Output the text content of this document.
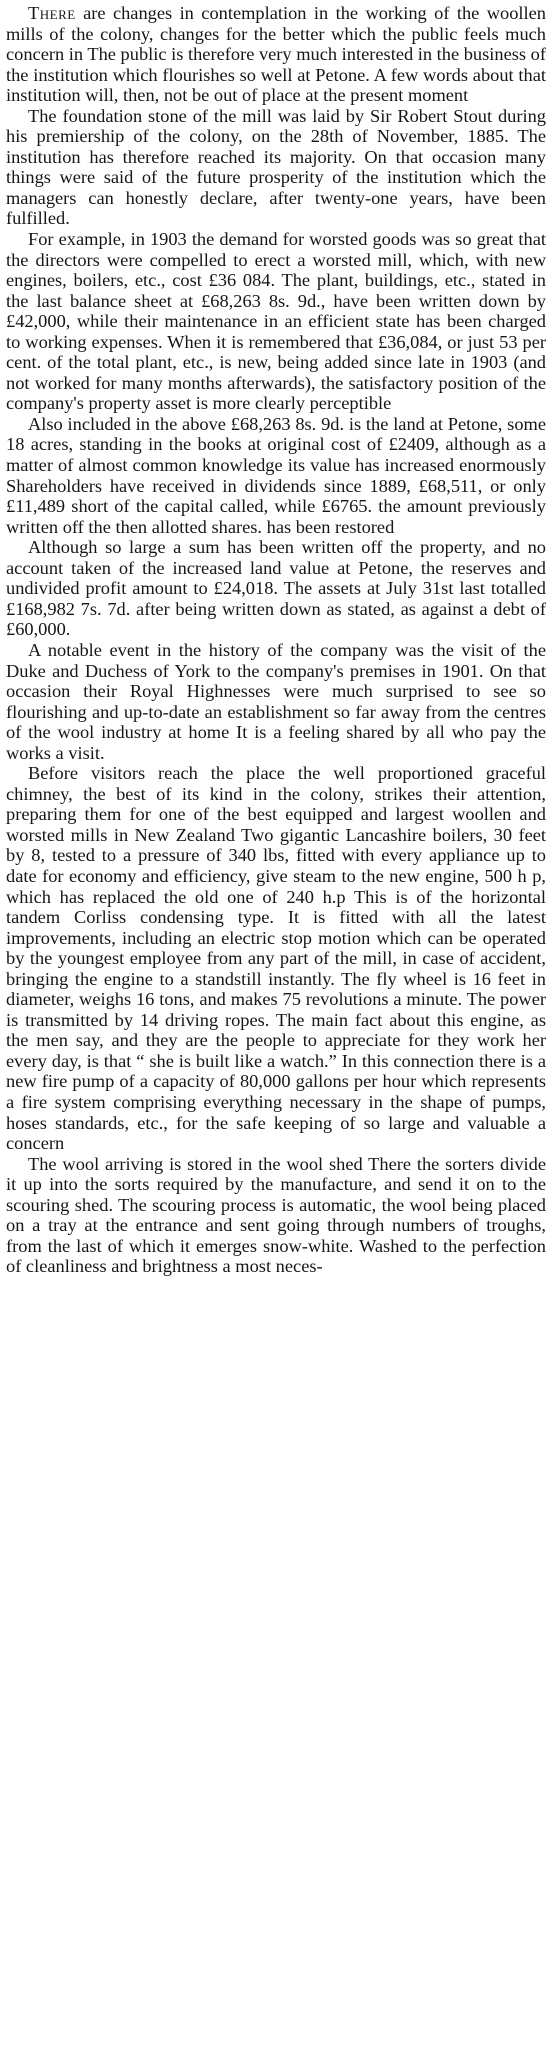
There are changes in contemplation in the working of the woollen mills of the colony, changes for the better which the public feels much concern in The public is therefore very much interested in the business of the institution which flourishes so well at Petone. A few words about that institution will, then, not be out of place at the present moment

The foundation stone of the mill was laid by Sir Robert Stout during his premiership of the colony, on the 28th of November, 1885. The institution has therefore reached its majority. On that occasion many things were said of the future prosperity of the institution which the managers can honestly declare, after twenty-one years, have been fulfilled.

For example, in 1903 the demand for worsted goods was so great that the directors were compelled to erect a worsted mill, which, with new engines, boilers, etc., cost £36 084. The plant, buildings, etc., stated in the last balance sheet at £68,263 8s. 9d., have been written down by £42,000, while their maintenance in an efficient state has been charged to working expenses. When it is remembered that £36,084, or just 53 per cent. of the total plant, etc., is new, being added since late in 1903 (and not worked for many months afterwards), the satisfactory position of the company's property asset is more clearly perceptible

Also included in the above £68,263 8s. 9d. is the land at Petone, some 18 acres, standing in the books at original cost of £2409, although as a matter of almost common knowledge its value has increased enormously Shareholders have received in dividends since 1889, £68,511, or only £11,489 short of the capital called, while £6765. the amount previously written off the then allotted shares. has been restored

Although so large a sum has been written off the property, and no account taken of the increased land value at Petone, the reserves and undivided profit amount to £24,018. The assets at July 31st last totalled £168,982 7s. 7d. after being written down as stated, as against a debt of £60,000.

A notable event in the history of the company was the visit of the Duke and Duchess of York to the company's premises in 1901. On that occasion their Royal Highnesses were much surprised to see so flourishing and up-to-date an establishment so far away from the centres of the wool industry at home It is a feeling shared by all who pay the works a visit.

Before visitors reach the place the well proportioned graceful chimney, the best of its kind in the colony, strikes their attention, preparing them for one of the best equipped and largest woollen and worsted mills in New Zealand Two gigantic Lancashire boilers, 30 feet by 8, tested to a pressure of 340 lbs, fitted with every appliance up to date for economy and efficiency, give steam to the new engine, 500 h p, which has replaced the old one of 240 h.p This is of the horizontal tandem Corliss condensing type. It is fitted with all the latest improvements, including an electric stop motion which can be operated by the youngest employee from any part of the mill, in case of accident, bringing the engine to a standstill instantly. The fly wheel is 16 feet in diameter, weighs 16 tons, and makes 75 revolutions a minute. The power is transmitted by 14 driving ropes. The main fact about this engine, as the men say, and they are the people to appreciate for they work her every day, is that “ she is built like a watch.” In this connection there is a new fire pump of a capacity of 80,000 gallons per hour which represents a fire system comprising everything necessary in the shape of pumps, hoses standards, etc., for the safe keeping of so large and valuable a concern

The wool arriving is stored in the wool shed There the sorters divide it up into the sorts required by the manufacture, and send it on to the scouring shed. The scouring process is automatic, the wool being placed on a tray at the entrance and sent going through numbers of troughs, from the last of which it emerges snow-white. Washed to the perfection of cleanliness and brightness a most neces-
